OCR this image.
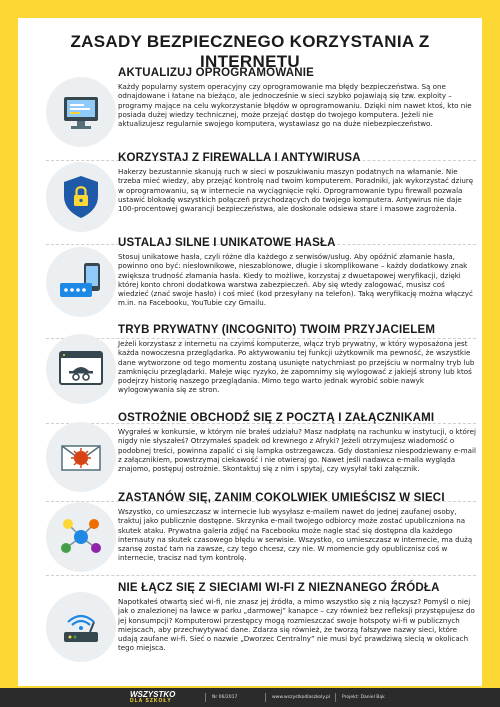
ZASADY BEZPIECZNEGO KORZYSTANIA Z INTERNETU
AKTUALIZUJ OPROGRAMOWANIE
Każdy popularny system operacyjny czy oprogramowanie ma błędy bezpieczeństwa. Są one odnajdowane i łatane na bieżąco, ale jednocześnie w sieci szybko pojawiają się tzw. exploity – programy mające na celu wykorzystanie błędów w oprogramowaniu. Dzięki nim nawet ktoś, kto nie posiada dużej wiedzy technicznej, może przejąć dostęp do twojego komputera. Jeżeli nie aktualizujesz regularnie swojego komputera, wystawiasz go na duże niebezpieczeństwo.
KORZYSTAJ Z FIREWALLA I ANTYWIRUSA
Hakerzy bezustannie skanują ruch w sieci w poszukiwaniu maszyn podatnych na włamanie. Nie trzeba mieć wiedzy, aby przejąć kontrolę nad twoim komputerem. Poradniki, jak wykorzystać dziurę w oprogramowaniu, są w internecie na wyciągnięcie ręki. Oprogramowanie typu firewall pozwala ustawić blokadę wszystkich połączeń przychodzących do twojego komputera. Antywirus nie daje 100-procentowej gwarancji bezpieczeństwa, ale doskonale odsiewa stare i masowe zagrożenia.
USTALAJ SILNE I UNIKATOWE HASŁA
Stosuj unikatowe hasła, czyli różne dla każdego z serwisów/usług. Aby opóźnić złamanie hasła, powinno ono być: niesłownikowe, nieszablonowe, długie i skomplikowane – każdy dodatkowy znak zwiększa trudność złamania hasła. Kiedy to możliwe, korzystaj z dwuetapowej weryfikacji, dzięki której konto chroni dodatkowa warstwa zabezpieczeń. Aby się wtedy zalogować, musisz coś wiedzieć (znać swoje hasło) i coś mieć (kod przesyłany na telefon). Taką weryfikację można włączyć m.in. na Facebooku, YouTubie czy Gmailu.
TRYB PRYWATNY (INCOGNITO) TWOIM PRZYJACIELEM
Jeżeli korzystasz z internetu na czyimś komputerze, włącz tryb prywatny, w który wyposażona jest każda nowoczesna przeglądarka. Po aktywowaniu tej funkcji użytkownik ma pewność, że wszystkie dane wytworzone od tego momentu zostaną usunięte natychmiast po przejściu w normalny tryb lub zamknięciu przeglądarki. Małeje więc ryzyko, że zapomnimy się wylogować z jakiejś strony lub ktoś podejrzy historię naszego przeglądania. Mimo tego warto jednak wyrobić sobie nawyk wylogowywania się ze stron.
OSTROŻNIE OBCHODŹ SIĘ Z POCZTĄ I ZAŁĄCZNIKAMI
Wygrałeś w konkursie, w którym nie brałeś udziału? Masz nadpłatę na rachunku w instytucji, o której nigdy nie słyszałeś? Otrzymałeś spadek od krewnego z Afryki? Jeżeli otrzymujesz wiadomość o podobnej treści, powinna zapalić ci się lampka ostrzegawcza. Gdy dostaniesz niespodziewany e-mail z załącznikiem, powstrzymaj ciekawość i nie otwieraj go. Nawet jeśli nadawca e-maila wygląda znajomo, postępuj ostrożnie. Skontaktuj się z nim i spytaj, czy wysyłał taki załącznik.
ZASTANÓW SIĘ, ZANIM COKOLWIEK UMIEŚCISZ W SIECI
Wszystko, co umieszczasz w internecie lub wysyłasz e-mailem nawet do jednej zaufanej osoby, traktuj jako publicznie dostępne. Skrzynka e-mail twojego odbiorcy może zostać upubliczniona na skutek ataku. Prywatna galeria zdjęć na Facebooku może nagle stać się dostępna dla każdego internauty na skutek czasowego błędu w serwisie. Wszystko, co umieszczasz w internecie, ma dużą szansę zostać tam na zawsze, czy tego chcesz, czy nie. W momencie gdy opublicznisz coś w internecie, tracisz nad tym kontrolę.
NIE ŁĄCZ SIĘ Z SIECIAMI WI-FI Z NIEZNANEGO ŹRÓDŁA
Napotkałeś otwartą sieć wi-fi, nie znasz jej źródła, a mimo wszystko się z nią łączysz? Pomyśl o niej jak o znalezionej na ławce w parku „darmowej” kanapce – czy również bez refleksji przystępujesz do jej konsumpcji? Komputerowi przestępcy mogą rozmieszczać swoje hotspoty wi-fi w publicznych miejscach, aby przechwytywać dane. Zdarza się również, że tworzą fałszywe nazwy sieci, które udają zaufane wi-fi. Sieć o nazwie „Dworzec Centralny” nie musi być prawdziwą siecią w okolicach tego miejsca.
WSZYSTKO
DLA SZKOŁY
Nr 06/2017	www.wszystkodlaszkoly.pl	Projekt: Daniel Bąk
